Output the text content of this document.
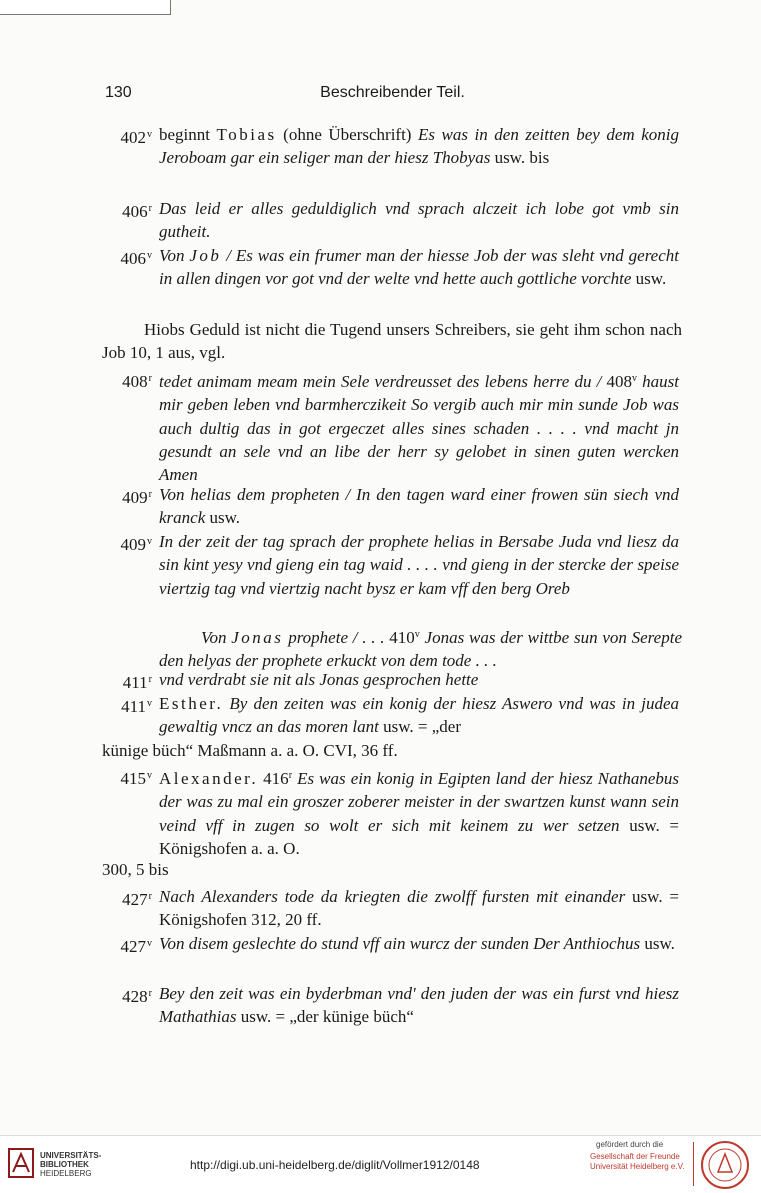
130	Beschreibender Teil.
402$^v$ beginnt Tobias (ohne Überschrift) Es was in den zeitten bey dem konig Jeroboam gar ein seliger man der hiesz Thobyas usw. bis
406$^r$ Das leid er alles geduldiglich vnd sprach alczeit ich lobe got vmb sin gutheit.
406$^v$ Von Job / Es was ein frumer man der hiesse Job der was sleht vnd gerecht in allen dingen vor got vnd der welte vnd hette auch gottliche vorchte usw.
Hiobs Geduld ist nicht die Tugend unsers Schreibers, sie geht ihm schon nach Job 10, 1 aus, vgl.
408$^r$ tedet animam meam mein Sele verdreusset des lebens herre du / 408$^v$ haust mir geben leben vnd barmherczikeit So vergib auch mir min sunde Job was auch dultig das in got ergeczet alles sines schaden . . . . vnd macht jn gesundt an sele vnd an libe der herr sy gelobet in sinen guten wercken Amen
409$^r$ Von helias dem propheten / In den tagen ward einer frowen sün siech vnd kranck usw.
409$^v$ In der zeit der tag sprach der prophete helias in Bersabe Juda vnd liesz da sin kint yesy vnd gieng ein tag waid . . . . vnd gieng in der stercke der speise viertzig tag vnd viertzig nacht bysz er kam vff den berg Oreb
Von Jonas prophete / . . . 410$^v$ Jonas was der wittbe sun von Serepte den helyas der prophete erkuckt von dem tode . . .
411$^r$ vnd verdrabt sie nit als Jonas gesprochen hette
411$^v$ Esther. By den zeiten was ein konig der hiesz Aswero vnd was in judea gewaltig vncz an das moren lant usw. = „der
künige büch“ Maßmann a. a. O. CVI, 36 ff.
415$^v$ Alexander. 416$^r$ Es was ein konig in Egipten land der hiesz Nathanebus der was zu mal ein groszer zoberer meister in der swartzen kunst wann sein veind vff in zugen so wolt er sich mit keinem zu wer setzen usw. = Königshofen a. a. O.
300, 5 bis
427$^r$ Nach Alexanders tode da kriegten die zwolff fursten mit einander usw. = Königshofen 312, 20 ff.
427$^v$ Von disem geslechte do stund vff ain wurcz der sunden Der Anthiochus usw.
428$^r$ Bey den zeit was ein byderbman vnd' den juden der was ein furst vnd hiesz Mathathias usw. = „der künige büch“
UNIVERSITÄTS-
BIBLIOTHEK
HEIDELBERG
http://digi.ub.uni-heidelberg.de/diglit/Vollmer1912/0148
gefördert durch die
Gesellschaft der Freunde
Universität Heidelberg e.V.
